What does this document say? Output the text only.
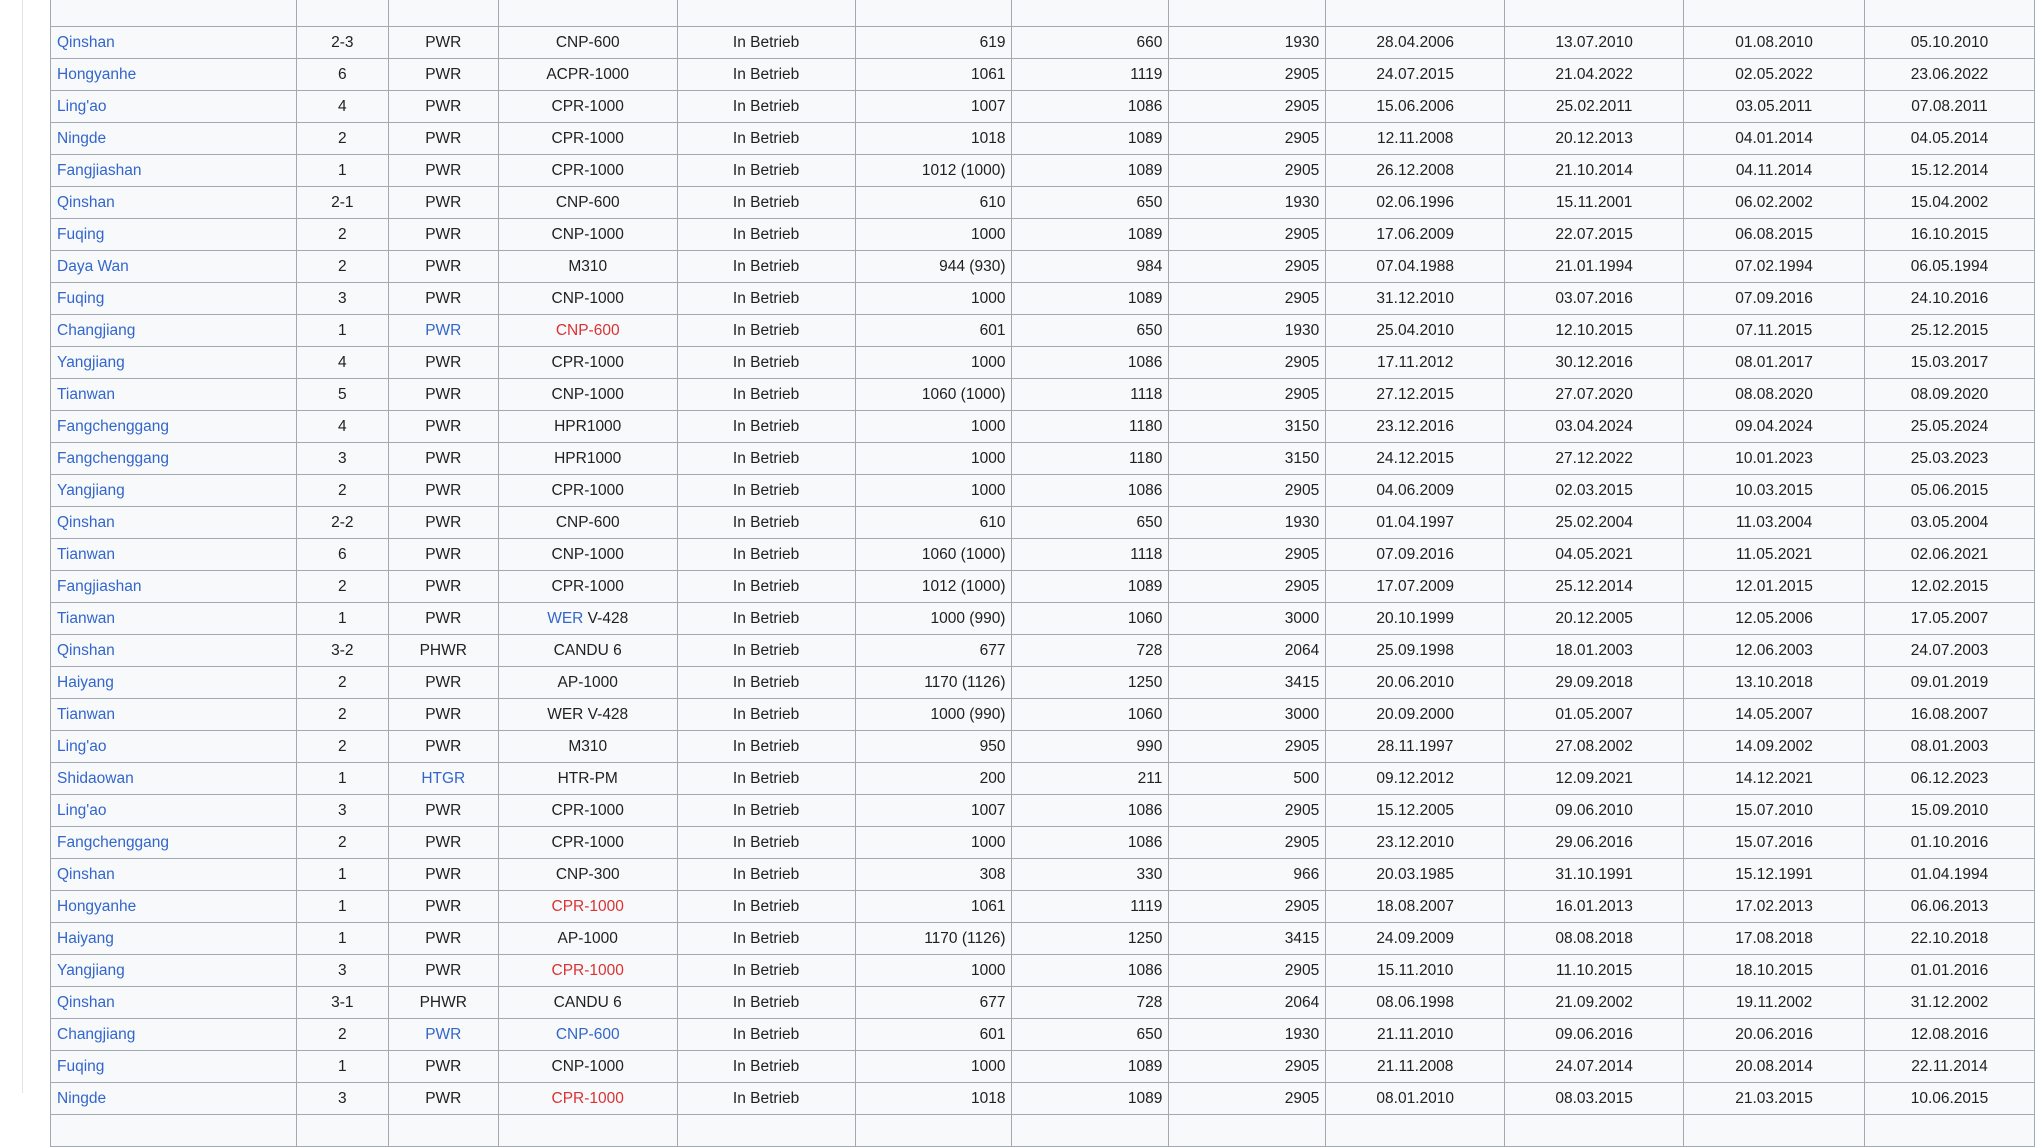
Qinshan	2-3	PWR	CNP-600	In Betrieb	619	660	1930	28.04.2006	13.07.2010	01.08.2010	05.10.2010
Hongyanhe	6	PWR	ACPR-1000	In Betrieb	1061	1119	2905	24.07.2015	21.04.2022	02.05.2022	23.06.2022
Ling'ao	4	PWR	CPR-1000	In Betrieb	1007	1086	2905	15.06.2006	25.02.2011	03.05.2011	07.08.2011
Ningde	2	PWR	CPR-1000	In Betrieb	1018	1089	2905	12.11.2008	20.12.2013	04.01.2014	04.05.2014
Fangjiashan	1	PWR	CPR-1000	In Betrieb	1012 (1000)	1089	2905	26.12.2008	21.10.2014	04.11.2014	15.12.2014
Qinshan	2-1	PWR	CNP-600	In Betrieb	610	650	1930	02.06.1996	15.11.2001	06.02.2002	15.04.2002
Fuqing	2	PWR	CNP-1000	In Betrieb	1000	1089	2905	17.06.2009	22.07.2015	06.08.2015	16.10.2015
Daya Wan	2	PWR	M310	In Betrieb	944 (930)	984	2905	07.04.1988	21.01.1994	07.02.1994	06.05.1994
Fuqing	3	PWR	CNP-1000	In Betrieb	1000	1089	2905	31.12.2010	03.07.2016	07.09.2016	24.10.2016
Changjiang	1	PWR	CNP-600	In Betrieb	601	650	1930	25.04.2010	12.10.2015	07.11.2015	25.12.2015
Yangjiang	4	PWR	CPR-1000	In Betrieb	1000	1086	2905	17.11.2012	30.12.2016	08.01.2017	15.03.2017
Tianwan	5	PWR	CNP-1000	In Betrieb	1060 (1000)	1118	2905	27.12.2015	27.07.2020	08.08.2020	08.09.2020
Fangchenggang	4	PWR	HPR1000	In Betrieb	1000	1180	3150	23.12.2016	03.04.2024	09.04.2024	25.05.2024
Fangchenggang	3	PWR	HPR1000	In Betrieb	1000	1180	3150	24.12.2015	27.12.2022	10.01.2023	25.03.2023
Yangjiang	2	PWR	CPR-1000	In Betrieb	1000	1086	2905	04.06.2009	02.03.2015	10.03.2015	05.06.2015
Qinshan	2-2	PWR	CNP-600	In Betrieb	610	650	1930	01.04.1997	25.02.2004	11.03.2004	03.05.2004
Tianwan	6	PWR	CNP-1000	In Betrieb	1060 (1000)	1118	2905	07.09.2016	04.05.2021	11.05.2021	02.06.2021
Fangjiashan	2	PWR	CPR-1000	In Betrieb	1012 (1000)	1089	2905	17.07.2009	25.12.2014	12.01.2015	12.02.2015
Tianwan	1	PWR	WER V-428	In Betrieb	1000 (990)	1060	3000	20.10.1999	20.12.2005	12.05.2006	17.05.2007
Qinshan	3-2	PHWR	CANDU 6	In Betrieb	677	728	2064	25.09.1998	18.01.2003	12.06.2003	24.07.2003
Haiyang	2	PWR	AP-1000	In Betrieb	1170 (1126)	1250	3415	20.06.2010	29.09.2018	13.10.2018	09.01.2019
Tianwan	2	PWR	WER V-428	In Betrieb	1000 (990)	1060	3000	20.09.2000	01.05.2007	14.05.2007	16.08.2007
Ling'ao	2	PWR	M310	In Betrieb	950	990	2905	28.11.1997	27.08.2002	14.09.2002	08.01.2003
Shidaowan	1	HTGR	HTR-PM	In Betrieb	200	211	500	09.12.2012	12.09.2021	14.12.2021	06.12.2023
Ling'ao	3	PWR	CPR-1000	In Betrieb	1007	1086	2905	15.12.2005	09.06.2010	15.07.2010	15.09.2010
Fangchenggang	2	PWR	CPR-1000	In Betrieb	1000	1086	2905	23.12.2010	29.06.2016	15.07.2016	01.10.2016
Qinshan	1	PWR	CNP-300	In Betrieb	308	330	966	20.03.1985	31.10.1991	15.12.1991	01.04.1994
Hongyanhe	1	PWR	CPR-1000	In Betrieb	1061	1119	2905	18.08.2007	16.01.2013	17.02.2013	06.06.2013
Haiyang	1	PWR	AP-1000	In Betrieb	1170 (1126)	1250	3415	24.09.2009	08.08.2018	17.08.2018	22.10.2018
Yangjiang	3	PWR	CPR-1000	In Betrieb	1000	1086	2905	15.11.2010	11.10.2015	18.10.2015	01.01.2016
Qinshan	3-1	PHWR	CANDU 6	In Betrieb	677	728	2064	08.06.1998	21.09.2002	19.11.2002	31.12.2002
Changjiang	2	PWR	CNP-600	In Betrieb	601	650	1930	21.11.2010	09.06.2016	20.06.2016	12.08.2016
Fuqing	1	PWR	CNP-1000	In Betrieb	1000	1089	2905	21.11.2008	24.07.2014	20.08.2014	22.11.2014
Ningde	3	PWR	CPR-1000	In Betrieb	1018	1089	2905	08.01.2010	08.03.2015	21.03.2015	10.06.2015
